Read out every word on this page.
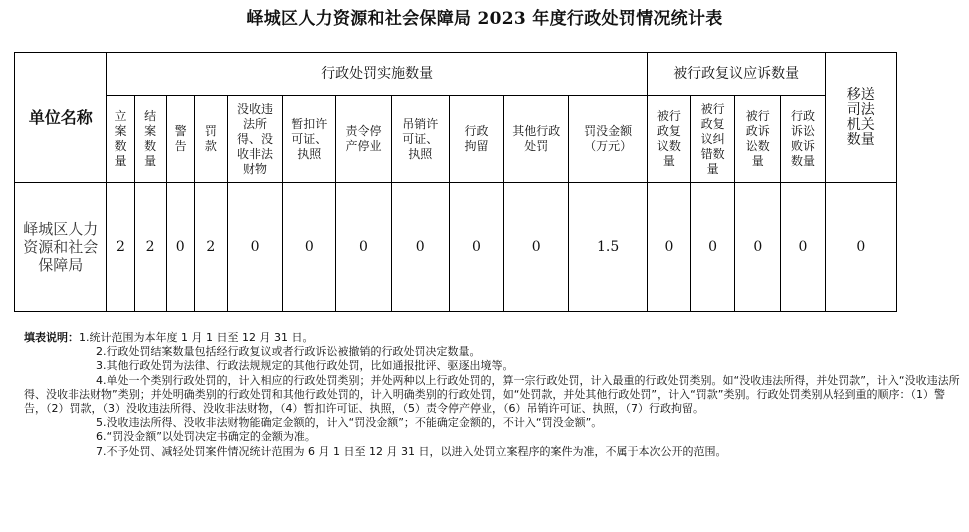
峄城区人力资源和社会保障局 2023 年度行政处罚情况统计表
单位名称	行政处罚实施数量											被行政复议应诉数量				移送司法机关数量
	立案数量	结案数量	警告	罚款	没收违法所得、没收非法财物	暂扣许可证、执照	责令停产停业	吊销许可证、执照	行政拘留	其他行政处罚	罚没金额（万元）	被行政复议数量	被行政复议纠错数量	被行政诉讼数量	行政诉讼败诉数量	
峄城区人力资源和社会保障局	2	2	0	2	0	0	0	0	0	0	1.5	0	0	0	0	0
填表说明：1.统计范围为本年度 1 月 1 日至 12 月 31 日。
2.行政处罚结案数量包括经行政复议或者行政诉讼被撤销的行政处罚决定数量。
3.其他行政处罚为法律、行政法规规定的其他行政处罚，比如通报批评、驱逐出境等。
4.单处一个类别行政处罚的，计入相应的行政处罚类别；并处两种以上行政处罚的，算一宗行政处罚，计入最重的行政处罚类别。如“没收违法所得，并处罚款”，计入“没收违法所得、没收非法财物”类别；并处明确类别的行政处罚和其他行政处罚的，计入明确类别的行政处罚，如“处罚款，并处其他行政处罚”，计入“罚款”类别。行政处罚类别从轻到重的顺序：（1）警告，（2）罚款，（3）没收违法所得、没收非法财物，（4）暂扣许可证、执照，（5）责令停产停业，（6）吊销许可证、执照，（7）行政拘留。
5.没收违法所得、没收非法财物能确定金额的，计入“罚没金额”；不能确定金额的，不计入“罚没金额”。
6.“罚没金额”以处罚决定书确定的金额为准。
7.不予处罚、减轻处罚案件情况统计范围为 6 月 1 日至 12 月 31 日，以进入处罚立案程序的案件为准，不属于本次公开的范围。
